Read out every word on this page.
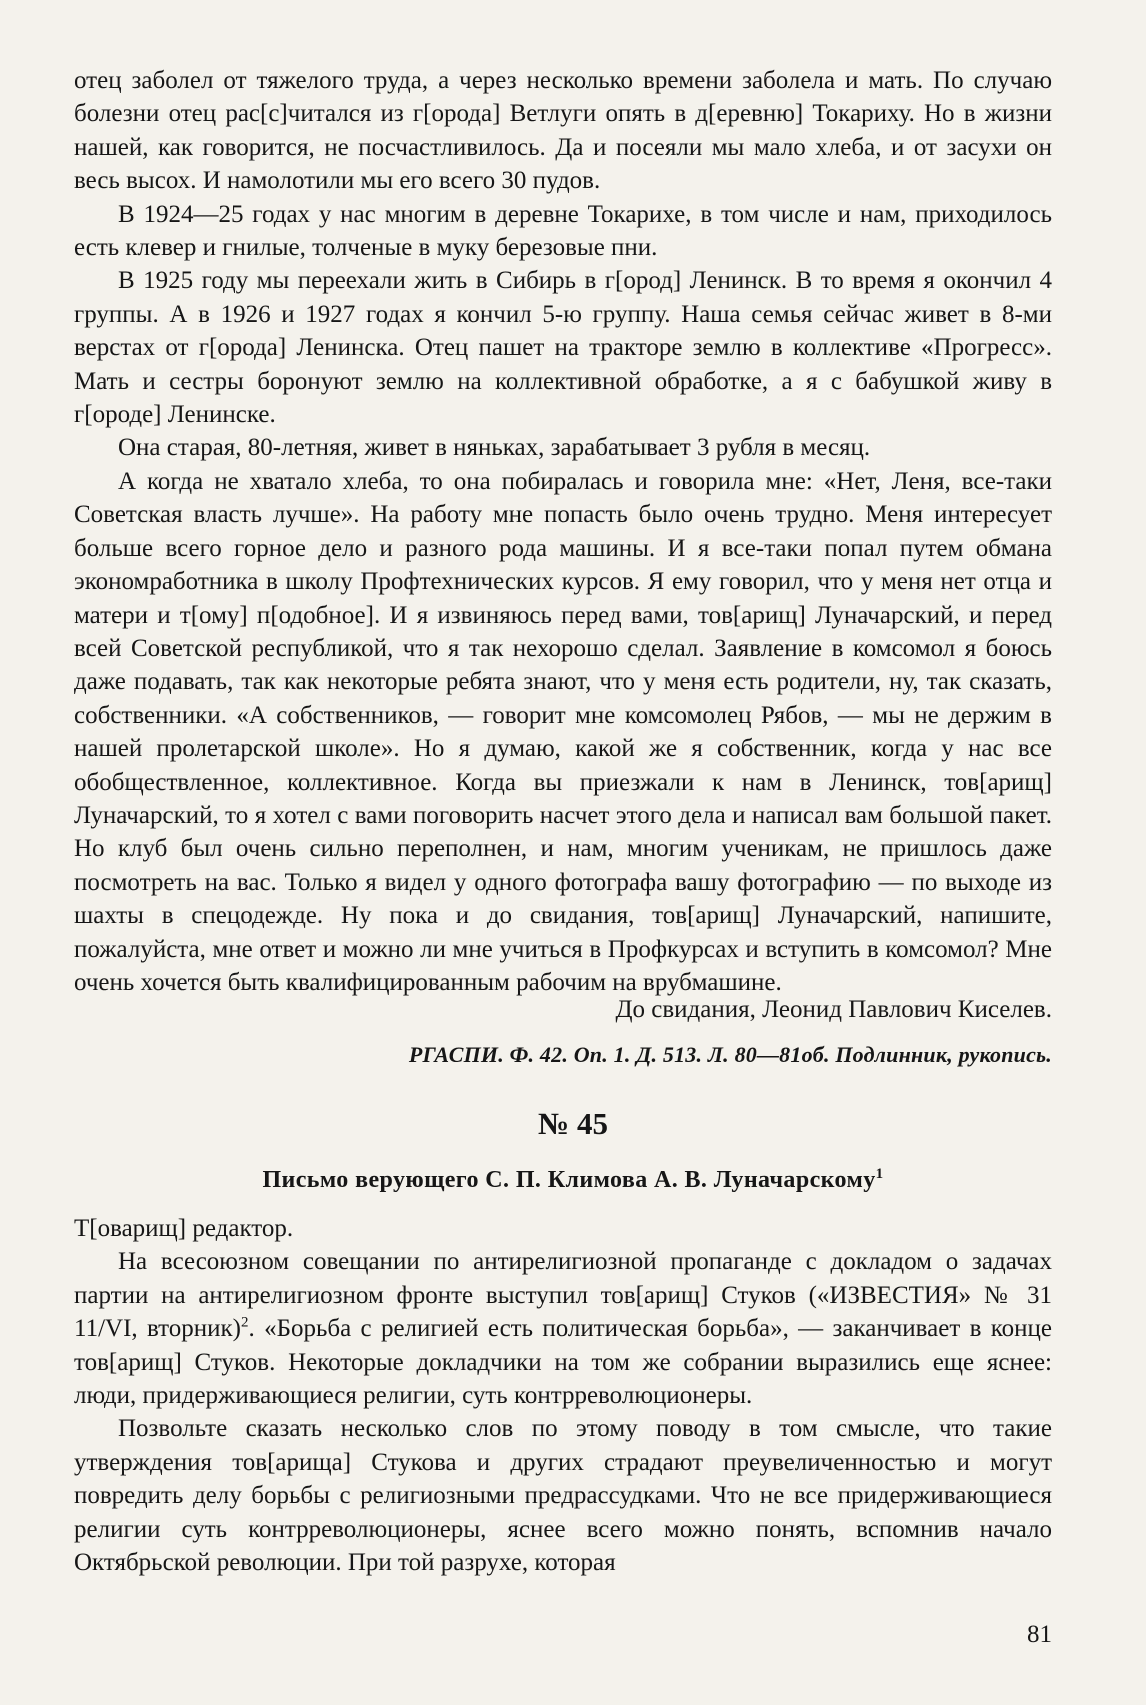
отец заболел от тяжелого труда, а через несколько времени заболела и мать. По случаю болезни отец рас[с]читался из г[орода] Ветлуги опять в д[еревню] Токариху. Но в жизни нашей, как говорится, не посчастливилось. Да и посеяли мы мало хлеба, и от засухи он весь высох. И намолотили мы его всего 30 пудов.

В 1924—25 годах у нас многим в деревне Токарихе, в том числе и нам, приходилось есть клевер и гнилые, толченые в муку березовые пни.

В 1925 году мы переехали жить в Сибирь в г[ород] Ленинск. В то время я окончил 4 группы. А в 1926 и 1927 годах я кончил 5-ю группу. Наша семья сейчас живет в 8-ми верстах от г[орода] Ленинска. Отец пашет на тракторе землю в коллективе «Прогресс». Мать и сестры боронуют землю на коллективной обработке, а я с бабушкой живу в г[ороде] Ленинске.

Она старая, 80-летняя, живет в няньках, зарабатывает 3 рубля в месяц.

А когда не хватало хлеба, то она побиралась и говорила мне: «Нет, Леня, все-таки Советская власть лучше». На работу мне попасть было очень трудно. Меня интересует больше всего горное дело и разного рода машины. И я все-таки попал путем обмана экономработника в школу Профтехнических курсов. Я ему говорил, что у меня нет отца и матери и т[ому] п[одобное]. И я извиняюсь перед вами, тов[арищ] Луначарский, и перед всей Советской республикой, что я так нехорошо сделал. Заявление в комсомол я боюсь даже подавать, так как некоторые ребята знают, что у меня есть родители, ну, так сказать, собственники. «А собственников, — говорит мне комсомолец Рябов, — мы не держим в нашей пролетарской школе». Но я думаю, какой же я собственник, когда у нас все обобществленное, коллективное. Когда вы приезжали к нам в Ленинск, тов[арищ] Луначарский, то я хотел с вами поговорить насчет этого дела и написал вам большой пакет. Но клуб был очень сильно переполнен, и нам, многим ученикам, не пришлось даже посмотреть на вас. Только я видел у одного фотографа вашу фотографию — по выходе из шахты в спецодежде. Ну пока и до свидания, тов[арищ] Луначарский, напишите, пожалуйста, мне ответ и можно ли мне учиться в Профкурсах и вступить в комсомол? Мне очень хочется быть квалифицированным рабочим на врубмашине.

До свидания, Леонид Павлович Киселев.
РГАСПИ. Ф. 42. Оп. 1. Д. 513. Л. 80—81об. Подлинник, рукопись.
№ 45
Письмо верующего С. П. Климова А. В. Луначарскому$^1$

Т[оварищ] редактор.

На всесоюзном совещании по антирелигиозной пропаганде с докладом о задачах партии на антирелигиозном фронте выступил тов[арищ] Стуков («ИЗВЕСТИЯ» № 31 11/VI, вторник)$^2$. «Борьба с религией есть политическая борьба», — заканчивает в конце тов[арищ] Стуков. Некоторые докладчики на том же собрании выразились еще яснее: люди, придерживающиеся религии, суть контрреволюционеры.

Позвольте сказать несколько слов по этому поводу в том смысле, что такие утверждения тов[арища] Стукова и других страдают преувеличенностью и могут повредить делу борьбы с религиозными предрассудками. Что не все придерживающиеся религии суть контрреволюционеры, яснее всего можно понять, вспомнив начало Октябрьской революции. При той разрухе, которая

81
